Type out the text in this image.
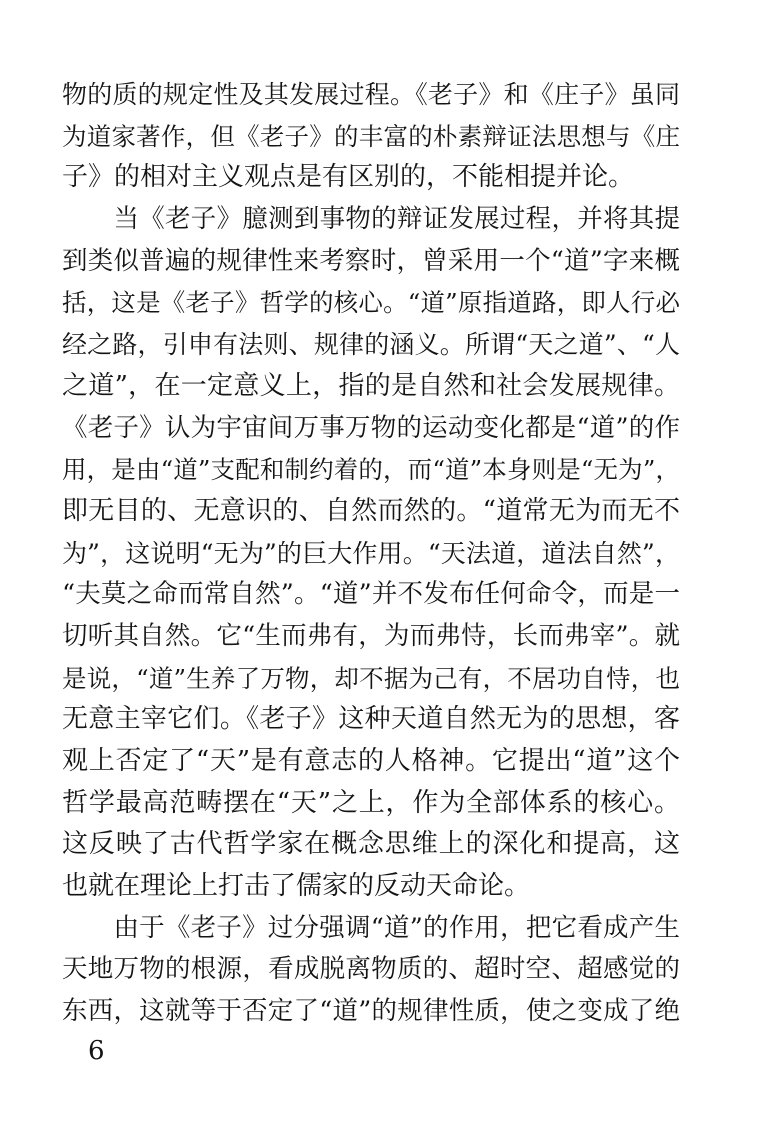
物的质的规定性及其发展过程。《老子》和《庄子》虽同
为道家著作，但《老子》的丰富的朴素辩证法思想与《庄
子》的相对主义观点是有区别的，不能相提并论。
　　当《老子》臆测到事物的辩证发展过程，并将其提
到类似普遍的规律性来考察时，曾采用一个“道”字来概
括，这是《老子》哲学的核心。“道”原指道路，即人行必
经之路，引申有法则、规律的涵义。所谓“天之道”、“人
之道”，在一定意义上，指的是自然和社会发展规律。
《老子》认为宇宙间万事万物的运动变化都是“道”的作
用，是由“道”支配和制约着的，而“道”本身则是“无为”，
即无目的、无意识的、自然而然的。“道常无为而无不
为”，这说明“无为”的巨大作用。“天法道，道法自然”，
“夫莫之命而常自然”。“道”并不发布任何命令，而是一
切听其自然。它“生而弗有，为而弗恃，长而弗宰”。就
是说，“道”生养了万物，却不据为己有，不居功自恃，也
无意主宰它们。《老子》这种天道自然无为的思想，客
观上否定了“天”是有意志的人格神。它提出“道”这个
哲学最高范畴摆在“天”之上，作为全部体系的核心。
这反映了古代哲学家在概念思维上的深化和提高，这
也就在理论上打击了儒家的反动天命论。
　　由于《老子》过分强调“道”的作用，把它看成产生
天地万物的根源，看成脱离物质的、超时空、超感觉的
东西，这就等于否定了“道”的规律性质，使之变成了绝
6
